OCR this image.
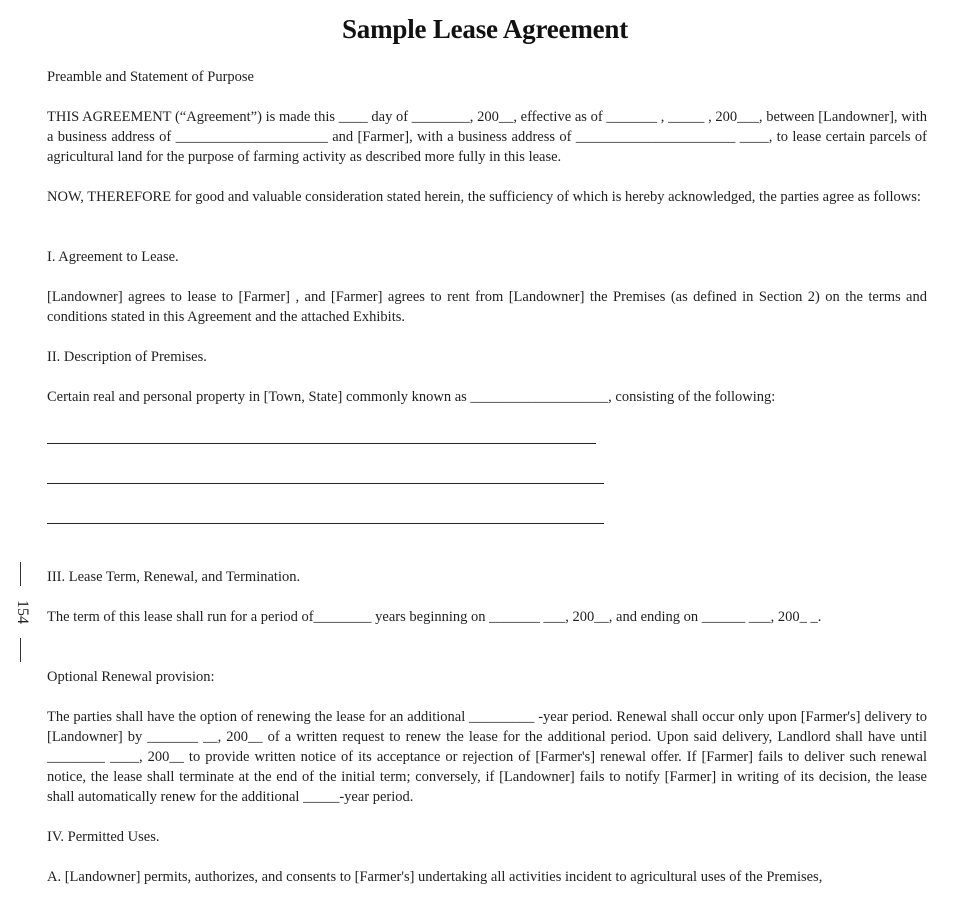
Sample Lease Agreement
Preamble and Statement of Purpose
THIS AGREEMENT (“Agreement”) is made this ____ day of ________, 200__, effective as of _______ , _____ , 200___, between [Landowner], with a business address of _____________________ and [Farmer], with a business address of ______________________ ____, to lease certain parcels of agricultural land for the purpose of farming activity as described more fully in this lease.
NOW, THEREFORE for good and valuable consideration stated herein, the sufficiency of which is hereby acknowledged, the parties agree as follows:
I. Agreement to Lease.
[Landowner] agrees to lease to [Farmer] , and [Farmer] agrees to rent from [Landowner] the Premises (as defined in Section 2) on the terms and conditions stated in this Agreement and the attached Exhibits.
II. Description of Premises.
Certain real and personal property in [Town, State] commonly known as ___________________, consisting of the following:
154
III. Lease Term, Renewal, and Termination.
The term of this lease shall run for a period of________ years beginning on _______ ___, 200__, and ending on ______ ___, 200_ _.
Optional Renewal provision:
The parties shall have the option of renewing the lease for an additional _________ -year period. Renewal shall occur only upon [Farmer's] delivery to [Landowner] by _______ __, 200__ of a written request to renew the lease for the additional period. Upon said delivery, Landlord shall have until ________ ____, 200__ to provide written notice of its acceptance or rejection of [Farmer's] renewal offer. If [Farmer] fails to deliver such renewal notice, the lease shall terminate at the end of the initial term; conversely, if [Landowner] fails to notify [Farmer] in writing of its decision, the lease shall automatically renew for the additional _____-year period.
IV. Permitted Uses.
A. [Landowner] permits, authorizes, and consents to [Farmer's] undertaking all activities incident to agricultural uses of the Premises,
